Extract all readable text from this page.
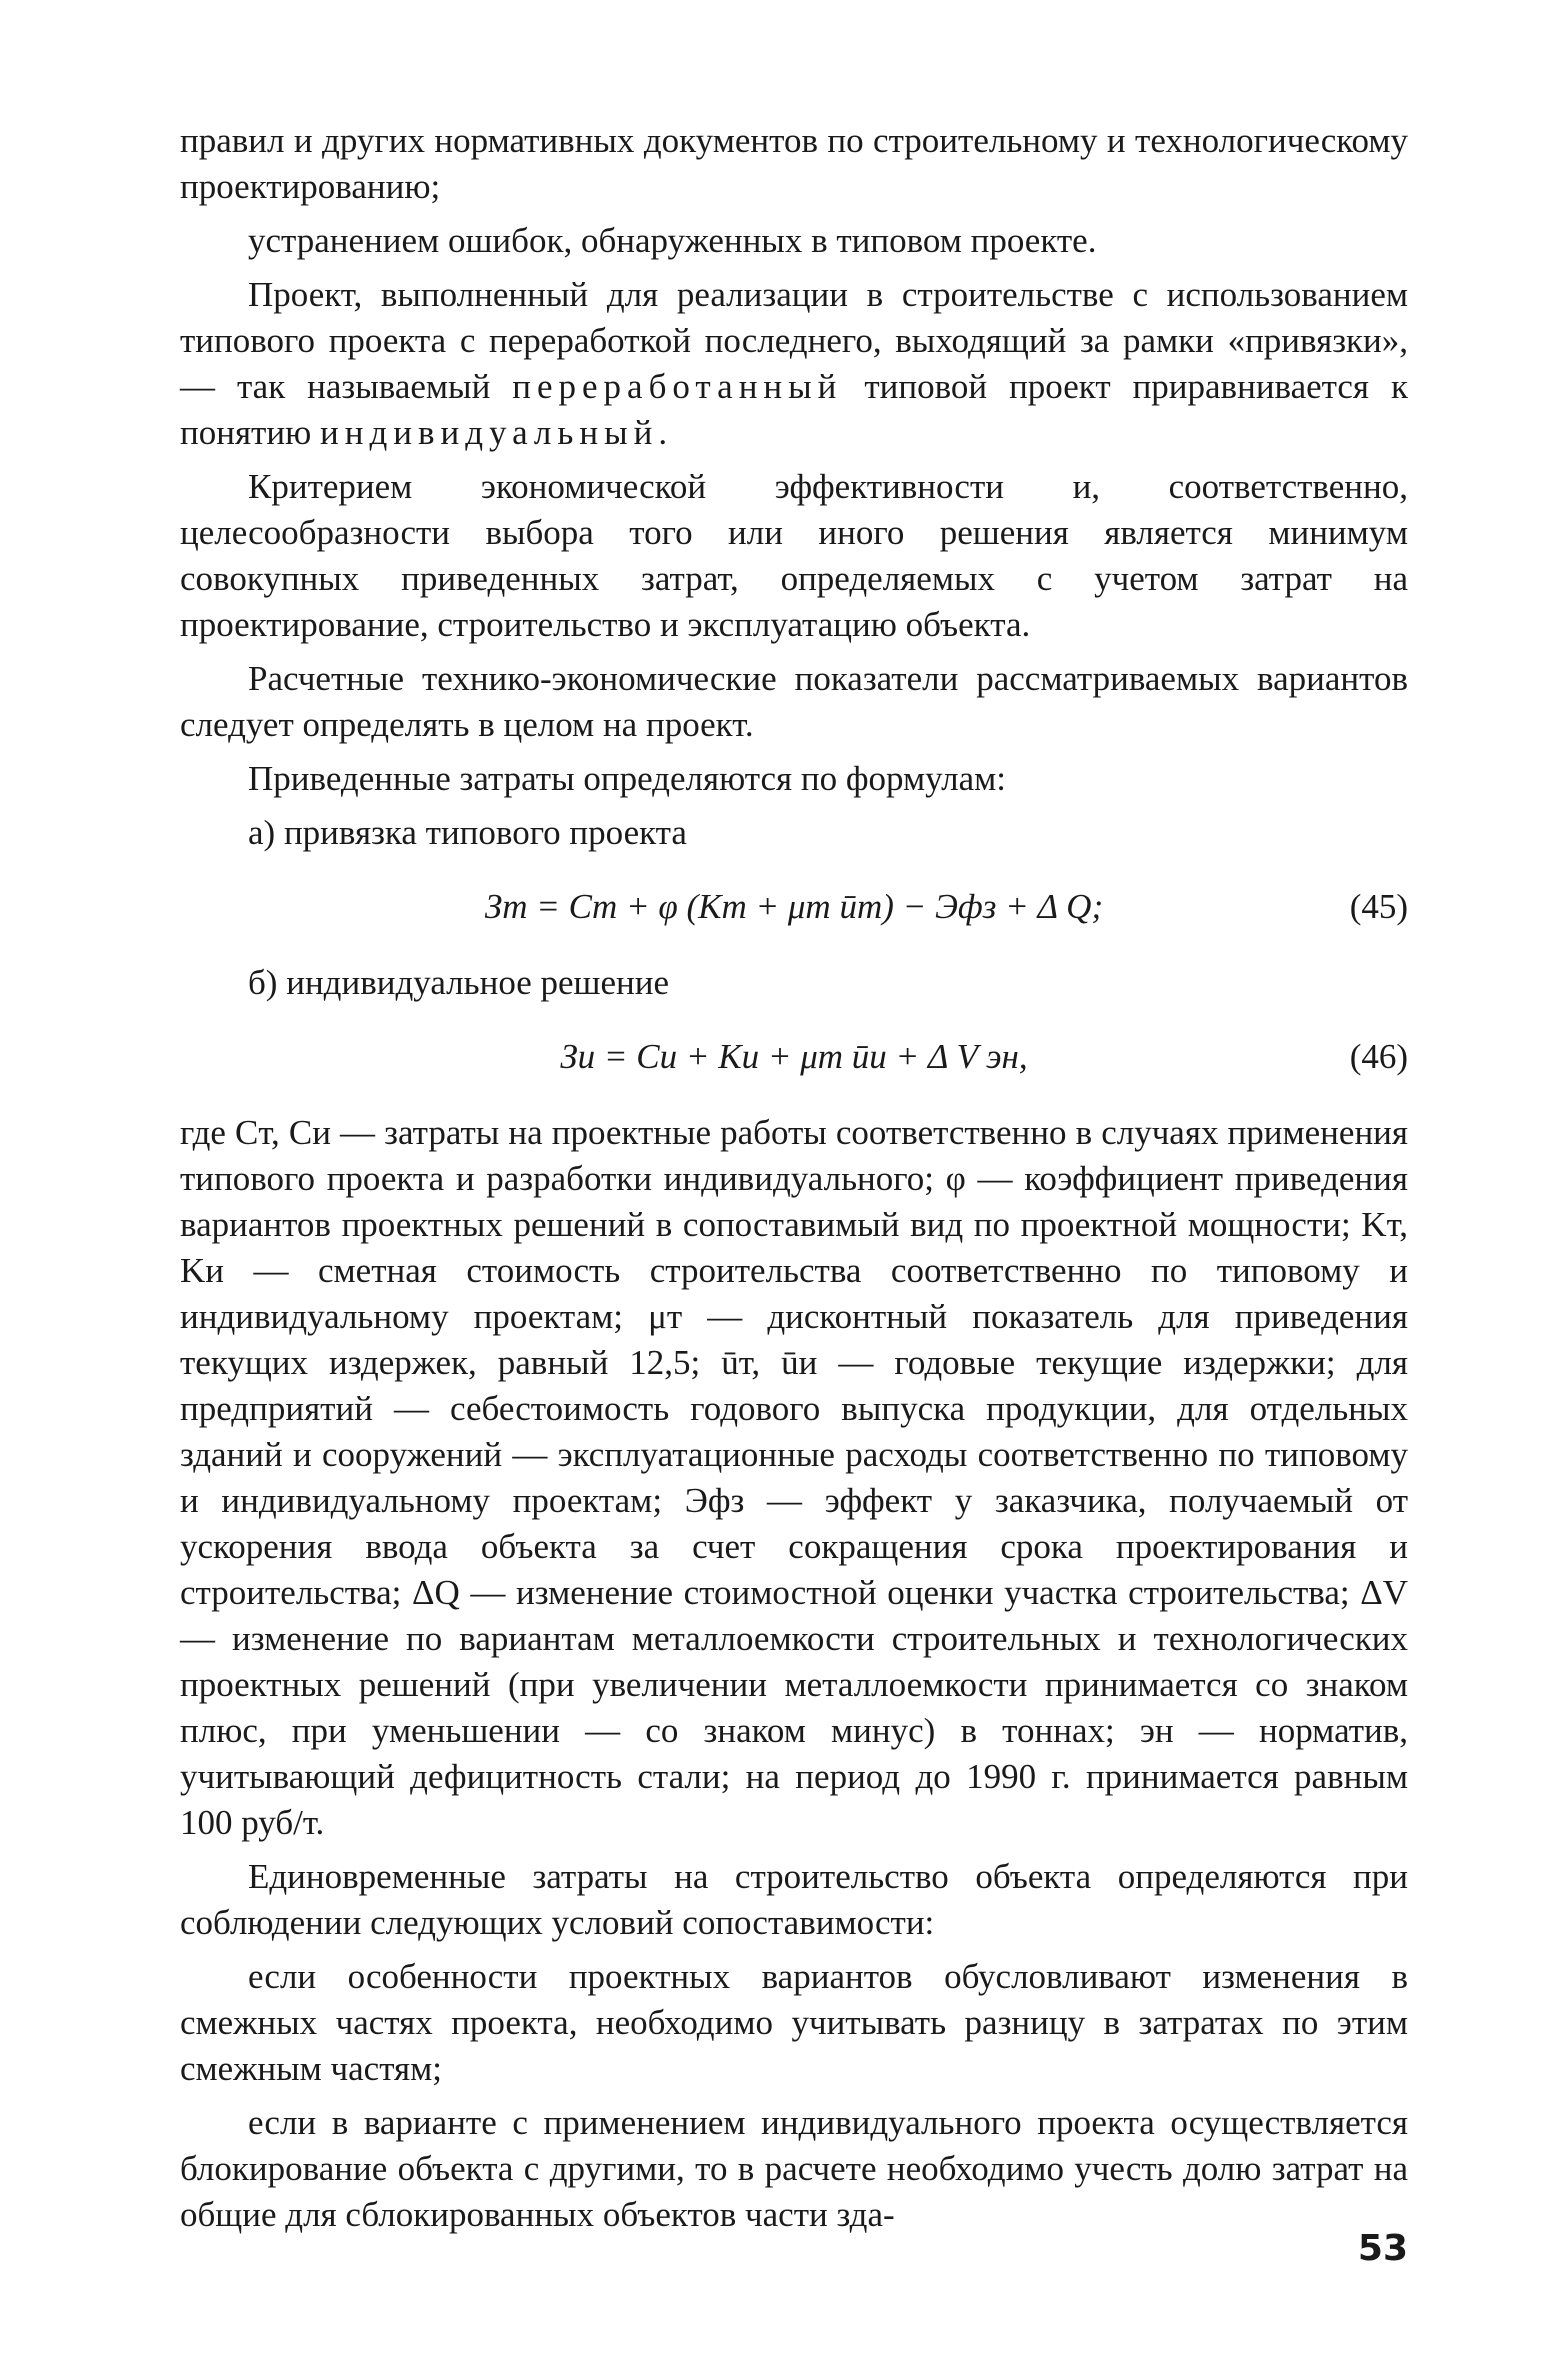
правил и других нормативных документов по строительному и технологическому проектированию;

устранением ошибок, обнаруженных в типовом проекте.

Проект, выполненный для реализации в строительстве с использованием типового проекта с переработкой последнего, выходящий за рамки «привязки», — так называемый переработанный типовой проект приравнивается к понятию индивидуальный.

Критерием экономической эффективности и, соответственно, целесообразности выбора того или иного решения является минимум совокупных приведенных затрат, определяемых с учетом затрат на проектирование, строительство и эксплуатацию объекта.

Расчетные технико-экономические показатели рассматриваемых вариантов следует определять в целом на проект.

Приведенные затраты определяются по формулам:

а) привязка типового проекта

Зт = Cт + φ (Kт + μт ūт) − Эфз + Δ Q;	(45)

б) индивидуальное решение

Зи = Cи + Kи + μт ūи + Δ V эн,	(46)

где Cт, Cи — затраты на проектные работы соответственно в случаях применения типового проекта и разработки индивидуального; φ — коэффициент приведения вариантов проектных решений в сопоставимый вид по проектной мощности; Kт, Kи — сметная стоимость строительства соответственно по типовому и индивидуальному проектам; μт — дисконтный показатель для приведения текущих издержек, равный 12,5; ūт, ūи — годовые текущие издержки; для предприятий — себестоимость годового выпуска продукции, для отдельных зданий и сооружений — эксплуатационные расходы соответственно по типовому и индивидуальному проектам; Эфз — эффект у заказчика, получаемый от ускорения ввода объекта за счет сокращения срока проектирования и строительства; ΔQ — изменение стоимостной оценки участка строительства; ΔV — изменение по вариантам металлоемкости строительных и технологических проектных решений (при увеличении металлоемкости принимается со знаком плюс, при уменьшении — со знаком минус) в тоннах; эн — норматив, учитывающий дефицитность стали; на период до 1990 г. принимается равным 100 руб/т.

Единовременные затраты на строительство объекта определяются при соблюдении следующих условий сопоставимости:

если особенности проектных вариантов обусловливают изменения в смежных частях проекта, необходимо учитывать разницу в затратах по этим смежным частям;

если в варианте с применением индивидуального проекта осуществляется блокирование объекта с другими, то в расчете необходимо учесть долю затрат на общие для сблокированных объектов части зда-

53
